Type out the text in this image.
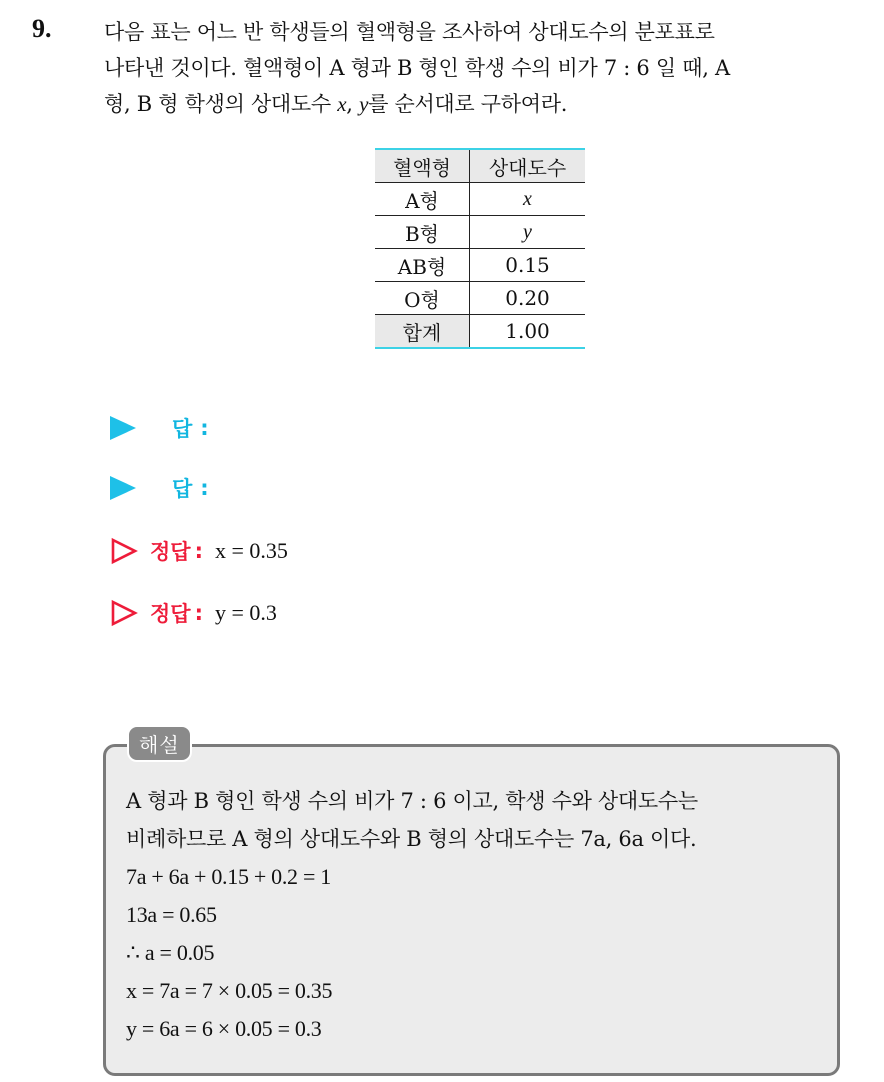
9.	다음 표는 어느 반 학생들의 혈액형을 조사하여 상대도수의 분포표로

나타낸 것이다. 혈액형이 A 형과 B 형인 학생 수의 비가 7 : 6 일 때, A

형, B 형 학생의 상대도수 x, y를 순서대로 구하여라.

혈액형	상대도수
A형	x
B형	y
AB형	0.15
O형	0.20
합계	1.00
답 :
답 :
정답 : x = 0.35
정답 : y = 0.3
해설

A 형과 B 형인 학생 수의 비가 7 : 6 이고, 학생 수와 상대도수는

비례하므로 A 형의 상대도수와 B 형의 상대도수는 7a, 6a 이다.

7a + 6a + 0.15 + 0.2 = 1

13a = 0.65

∴ a = 0.05

x = 7a = 7 × 0.05 = 0.35

y = 6a = 6 × 0.05 = 0.3
